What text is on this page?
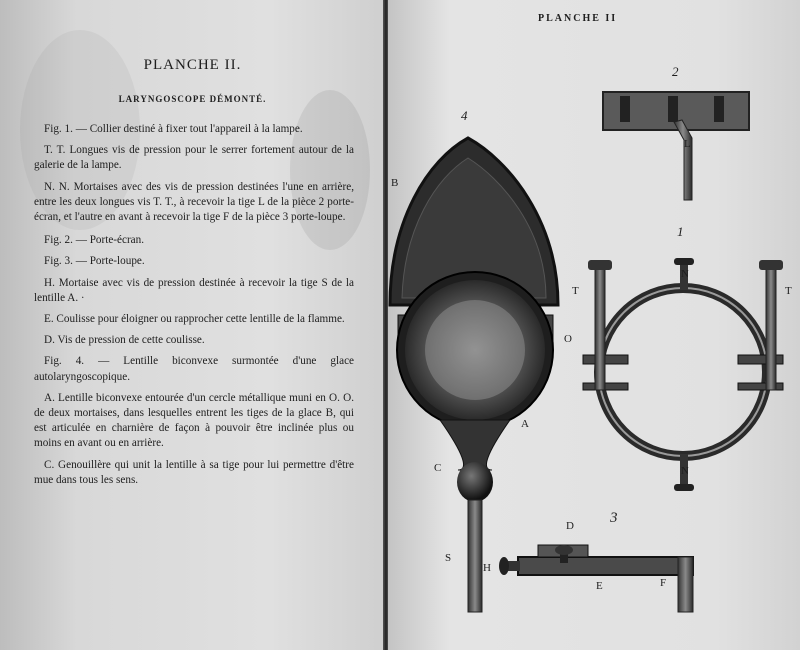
PLANCHE II.
LARYNGOSCOPE DÉMONTÉ.

Fig. 1. — Collier destiné à fixer tout l'appareil à la lampe.

T. T. Longues vis de pression pour le serrer fortement autour de la galerie de la lampe.

N. N. Mortaises avec des vis de pression destinées l'une en arrière, entre les deux longues vis T. T., à recevoir la tige L de la pièce 2 porte-écran, et l'autre en avant à recevoir la tige F de la pièce 3 porte-loupe.

Fig. 2. — Porte-écran.

Fig. 3. — Porte-loupe.

H. Mortaise avec vis de pression destinée à recevoir la tige S de la lentille A. ·

E. Coulisse pour éloigner ou rapprocher cette lentille de la flamme.

D. Vis de pression de cette coulisse.

Fig. 4. — Lentille biconvexe surmontée d'une glace autolaryngoscopique.

A. Lentille biconvexe entourée d'un cercle métallique muni en O. O. de deux mortaises, dans lesquelles entrent les tiges de la glace B, qui est articulée en charnière de façon à pouvoir être inclinée plus ou moins en avant ou en arrière.

C. Genouillère qui unit la lentille à sa tige pour lui permettre d'être mue dans tous les sens.

PLANCHE II
4
2
1
3
B
O
A
C
S
H
L
T	T
N
N
D
E	F
